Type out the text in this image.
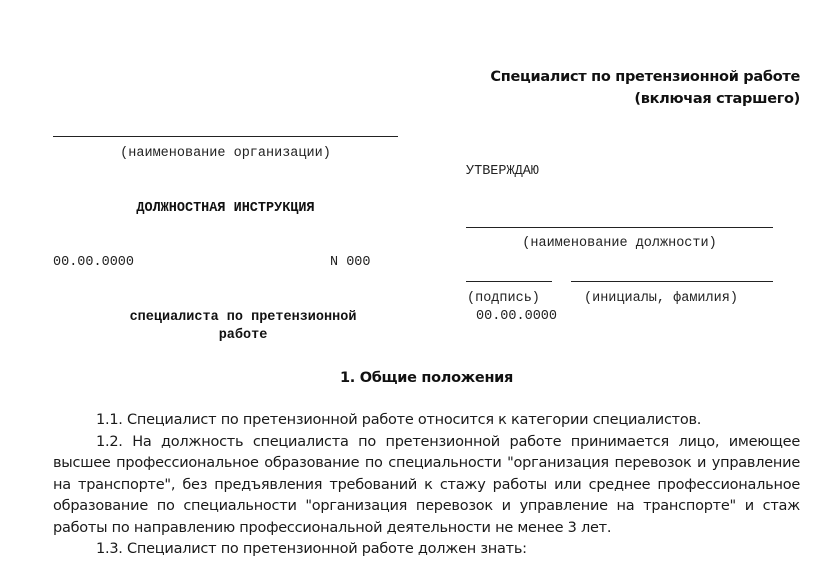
Специалист по претензионной работе
(включая старшего)
(наименование организации)
ДОЛЖНОСТНАЯ ИНСТРУКЦИЯ
00.00.0000	N 000
специалиста по претензионной
работе
УТВЕРЖДАЮ
(наименование должности)
(подпись)	(инициалы, фамилия)
00.00.0000
1. Общие положения

1.1. Специалист по претензионной работе относится к категории специалистов.

1.2. На должность специалиста по претензионной работе принимается лицо, имеющее высшее профессиональное образование по специальности "организация перевозок и управление на транспорте", без предъявления требований к стажу работы или среднее профессиональное образование по специальности "организация перевозок и управление на транспорте" и стаж работы по направлению профессиональной деятельности не менее 3 лет.

1.3. Специалист по претензионной работе должен знать:
